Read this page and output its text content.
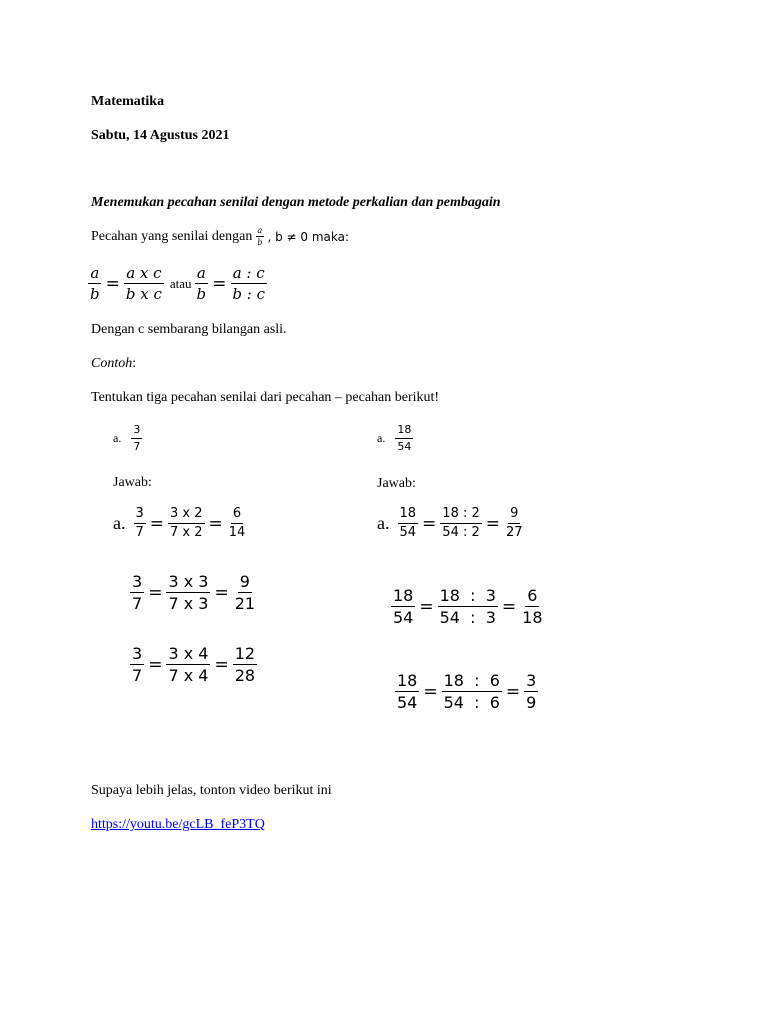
Matematika
Sabtu, 14 Agustus 2021
Menemukan pecahan senilai dengan metode perkalian dan pembagain
Pecahan yang senilai dengan $\frac{a}{b}$ , b ≠ 0 maka:
$\frac{a}{b} = \frac{\text{a x c}}{\text{b x c}}$ atau $\frac{a}{b} = \frac{a : c}{b : c}$
Dengan c sembarang bilangan asli.
Contoh:
Tentukan tiga pecahan senilai dari pecahan – pecahan berikut!
a. $\frac{3}{7}$
Jawab:
a. $\frac{18}{54}$
Jawab:
a. $\frac{3}{7} = \frac{3 x 2}{7 x 2} = \frac{6}{14}$
$\frac{3}{7} = \frac{3 x 3}{7 x 3} = \frac{9}{21}$
$\frac{3}{7} = \frac{3 x 4}{7 x 4} = \frac{12}{28}$
a. $\frac{18}{54} = \frac{18 : 2}{54 : 2} = \frac{9}{27}$
$\frac{18}{54} = \frac{18 : 3}{54 : 3} = \frac{6}{18}$
$\frac{18}{54} = \frac{18 : 6}{54 : 6} = \frac{3}{9}$
Supaya lebih jelas, tonton video berikut ini
https://youtu.be/gcLB_feP3TQ
